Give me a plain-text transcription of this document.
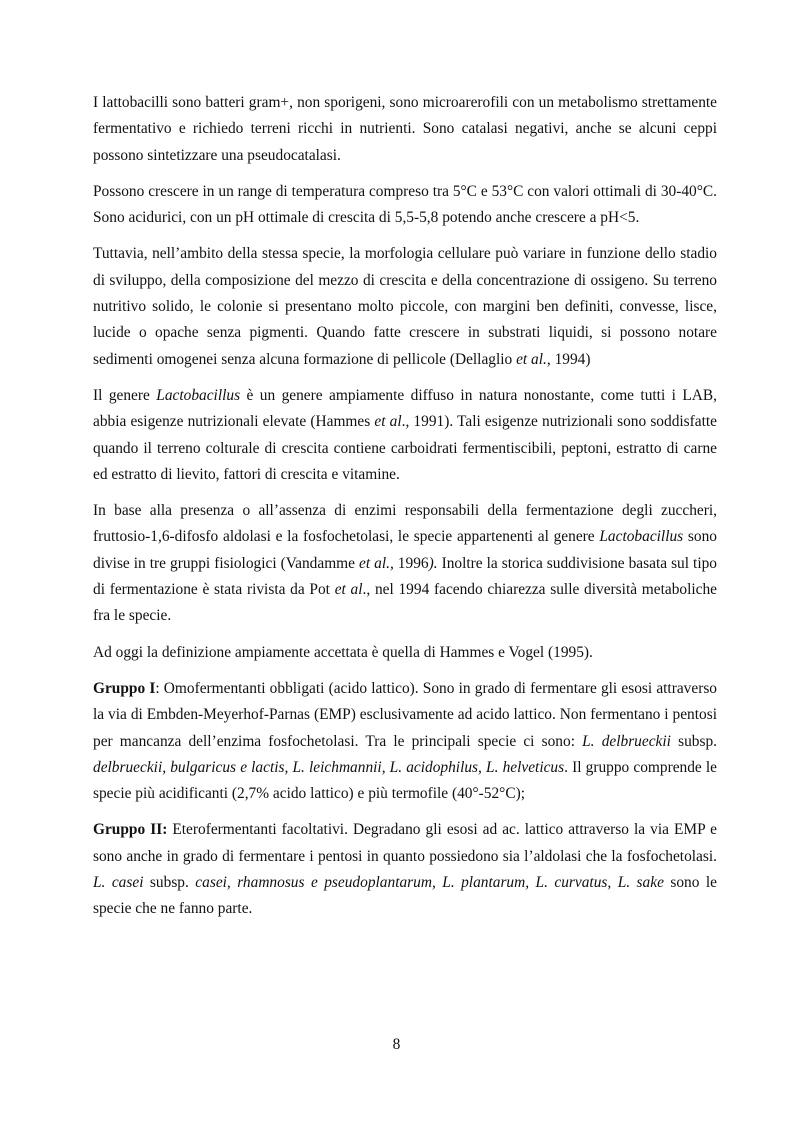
I lattobacilli sono batteri gram+, non sporigeni, sono microarerofili con un metabolismo strettamente fermentativo e richiedo terreni ricchi in nutrienti. Sono catalasi negativi, anche se alcuni ceppi possono sintetizzare una pseudocatalasi.

Possono crescere in un range di temperatura compreso tra 5°C e 53°C con valori ottimali di 30-40°C. Sono acidurici, con un pH ottimale di crescita di 5,5-5,8 potendo anche crescere a pH<5.

Tuttavia, nell’ambito della stessa specie, la morfologia cellulare può variare in funzione dello stadio di sviluppo, della composizione del mezzo di crescita e della concentrazione di ossigeno. Su terreno nutritivo solido, le colonie si presentano molto piccole, con margini ben definiti, convesse, lisce, lucide o opache senza pigmenti. Quando fatte crescere in substrati liquidi, si possono notare sedimenti omogenei senza alcuna formazione di pellicole (Dellaglio et al., 1994)

Il genere Lactobacillus è un genere ampiamente diffuso in natura nonostante, come tutti i LAB, abbia esigenze nutrizionali elevate (Hammes et al., 1991). Tali esigenze nutrizionali sono soddisfatte quando il terreno colturale di crescita contiene carboidrati fermentiscibili, peptoni, estratto di carne ed estratto di lievito, fattori di crescita e vitamine.

In base alla presenza o all’assenza di enzimi responsabili della fermentazione degli zuccheri, fruttosio-1,6-difosfo aldolasi e la fosfochetolasi, le specie appartenenti al genere Lactobacillus sono divise in tre gruppi fisiologici (Vandamme et al., 1996). Inoltre la storica suddivisione basata sul tipo di fermentazione è stata rivista da Pot et al., nel 1994 facendo chiarezza sulle diversità metaboliche fra le specie.

Ad oggi la definizione ampiamente accettata è quella di Hammes e Vogel (1995).

Gruppo I: Omofermentanti obbligati (acido lattico). Sono in grado di fermentare gli esosi attraverso la via di Embden-Meyerhof-Parnas (EMP) esclusivamente ad acido lattico. Non fermentano i pentosi per mancanza dell’enzima fosfochetolasi. Tra le principali specie ci sono: L. delbrueckii subsp. delbrueckii, bulgaricus e lactis, L. leichmannii, L. acidophilus, L. helveticus. Il gruppo comprende le specie più acidificanti (2,7% acido lattico) e più termofile (40°-52°C);

Gruppo II: Eterofermentanti facoltativi. Degradano gli esosi ad ac. lattico attraverso la via EMP e sono anche in grado di fermentare i pentosi in quanto possiedono sia l’aldolasi che la fosfochetolasi. L. casei subsp. casei, rhamnosus e pseudoplantarum, L. plantarum, L. curvatus, L. sake sono le specie che ne fanno parte.

8
